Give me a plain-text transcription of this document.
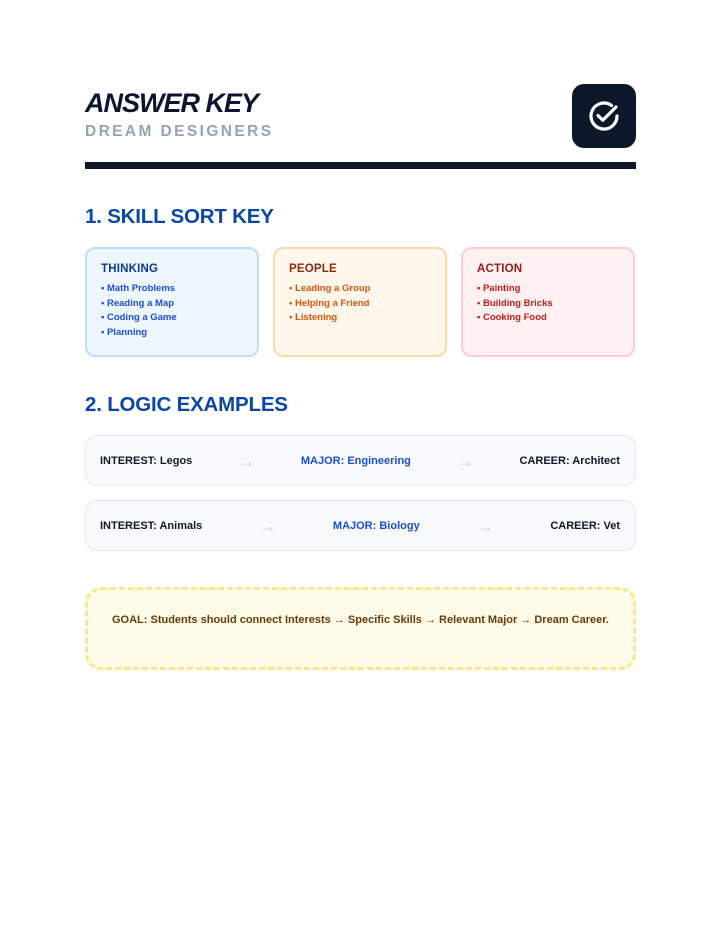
ANSWER KEY
DREAM DESIGNERS
1. SKILL SORT KEY
THINKING
• Math Problems
• Reading a Map
• Coding a Game
• Planning
PEOPLE
• Leading a Group
• Helping a Friend
• Listening
ACTION
• Painting
• Building Bricks
• Cooking Food
2. LOGIC EXAMPLES
INTEREST: Legos	→	MAJOR: Engineering	→	CAREER: Architect
INTEREST: Animals	→	MAJOR: Biology	→	CAREER: Vet

GOAL: Students should connect Interests → Specific Skills → Relevant Major → Dream Career.
